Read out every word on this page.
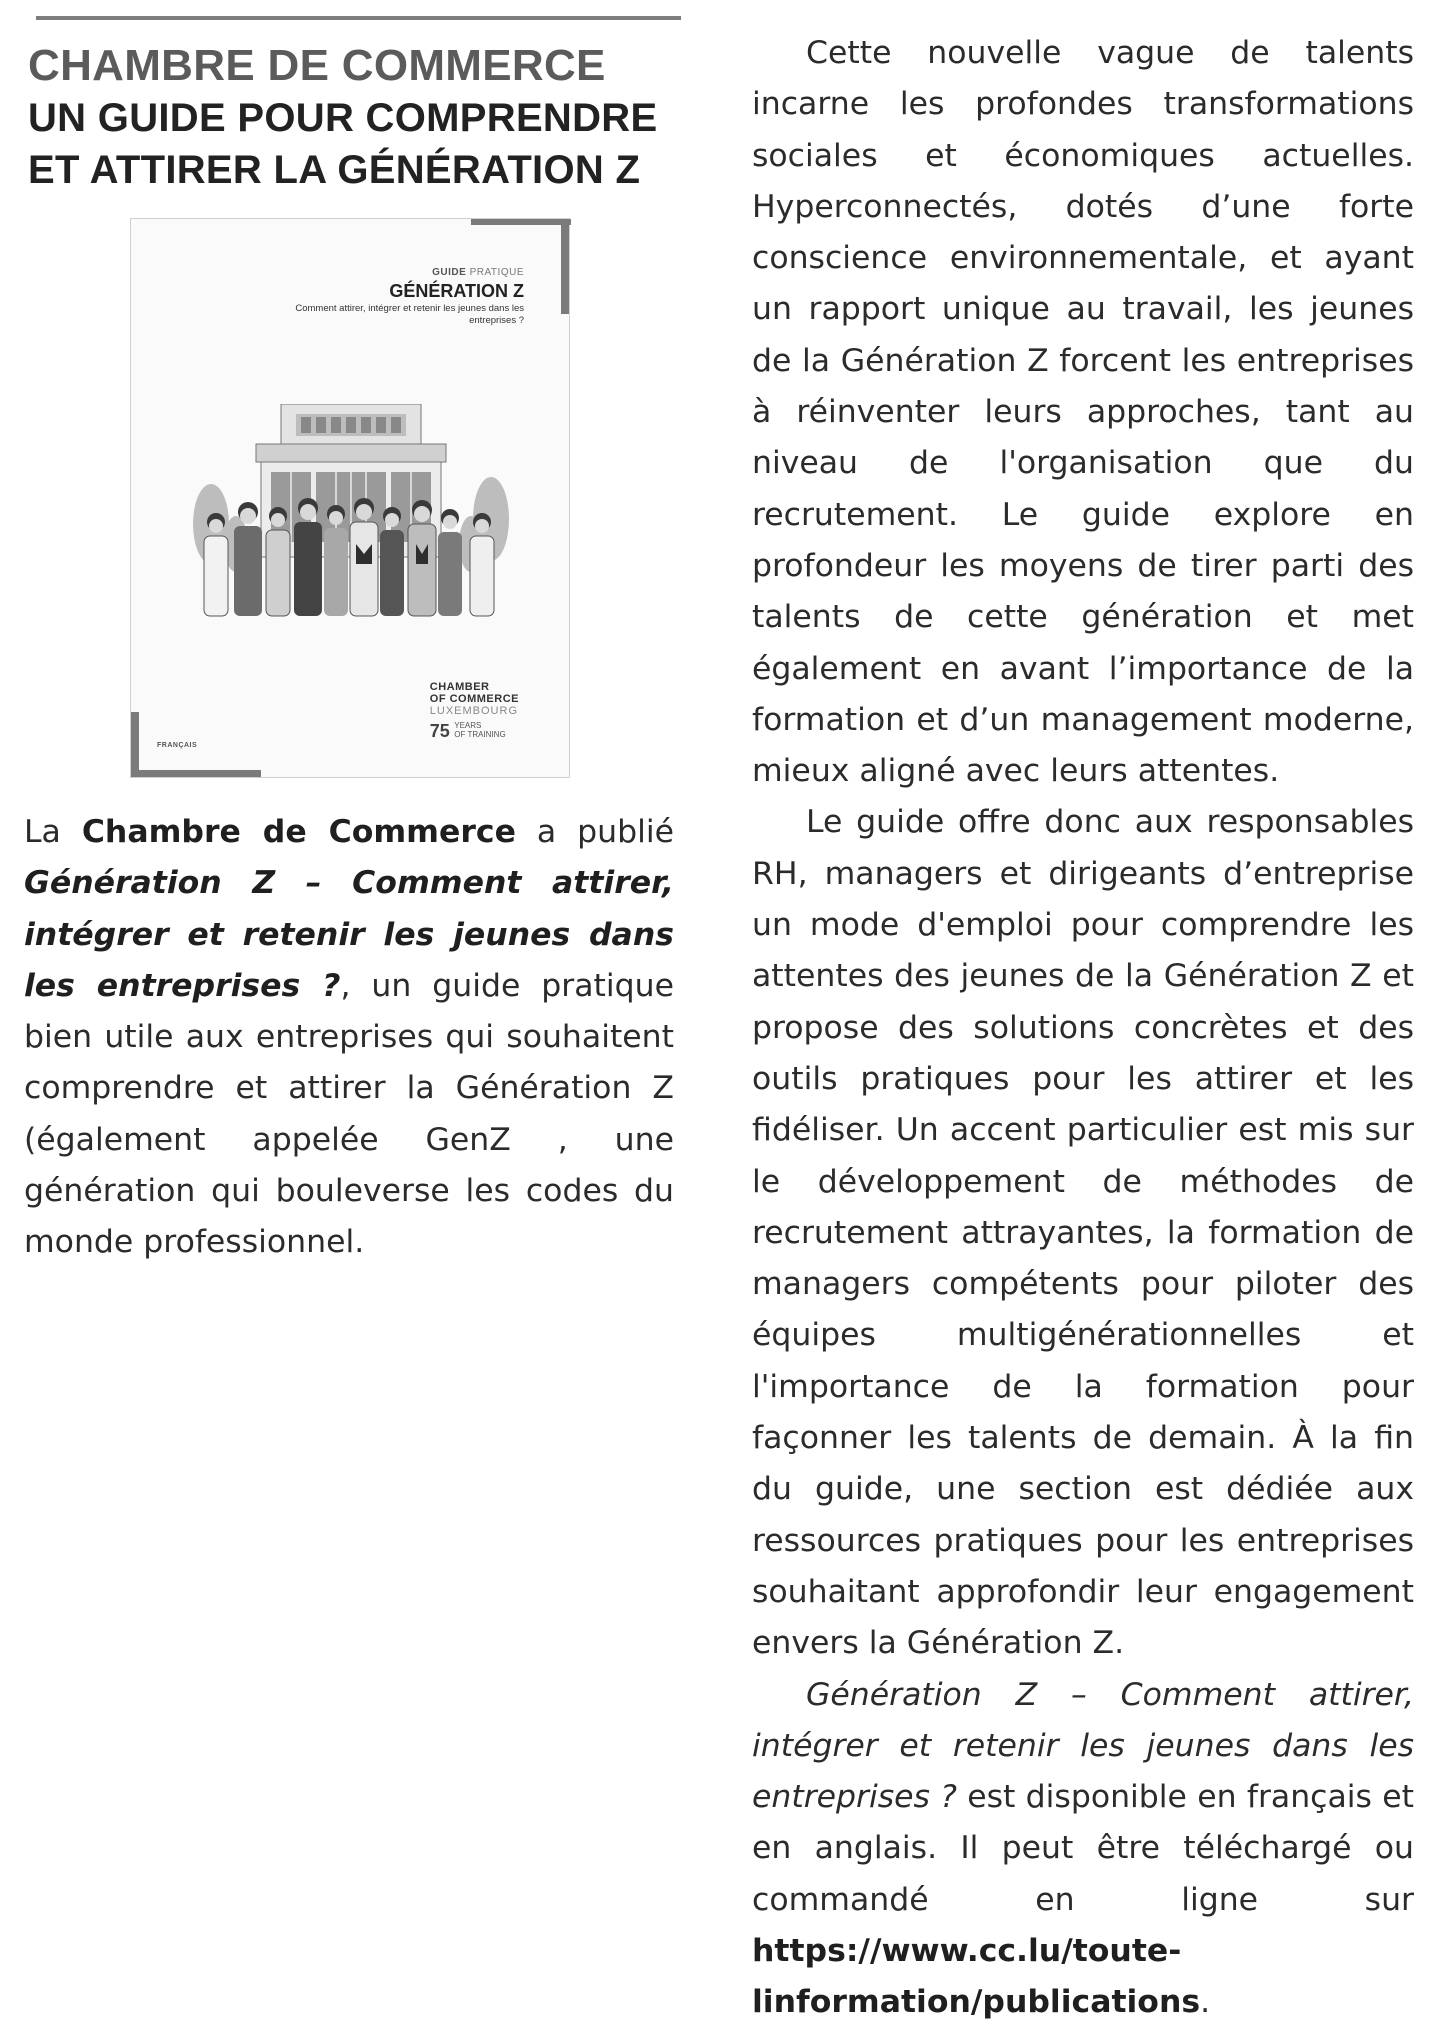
CHAMBRE DE COMMERCE
UN GUIDE POUR COMPRENDRE
ET ATTIRER LA GÉNÉRATION Z
GUIDE PRATIQUE
GÉNÉRATION Z
Comment attirer, intégrer et retenir les jeunes dans les entreprises ?
CHAMBER
OF COMMERCE
LUXEMBOURG
75 YEARS
OF TRAINING
FRANÇAIS

La Chambre de Commerce a publié Génération Z – Comment attirer, intégrer et retenir les jeunes dans les entreprises ?, un guide pratique bien utile aux entreprises qui souhaitent comprendre et attirer la Génération Z (également appelée GenZ , une génération qui bouleverse les codes du monde professionnel.

Cette nouvelle vague de talents incarne les profondes transformations sociales et économiques actuelles. Hyperconnectés, dotés d’une forte conscience environnementale, et ayant un rapport unique au travail, les jeunes de la Génération Z forcent les entreprises à réinventer leurs approches, tant au niveau de l'organisation que du recrutement. Le guide explore en profondeur les moyens de tirer parti des talents de cette génération et met également en avant l’importance de la formation et d’un management moderne, mieux aligné avec leurs attentes.

Le guide offre donc aux responsables RH, managers et dirigeants d’entreprise un mode d'emploi pour comprendre les attentes des jeunes de la Génération Z et propose des solutions concrètes et des outils pratiques pour les attirer et les fidéliser. Un accent particulier est mis sur le développement de méthodes de recrutement attrayantes, la formation de managers compétents pour piloter des équipes multigénérationnelles et l'importance de la formation pour façonner les talents de demain. À la fin du guide, une section est dédiée aux ressources pratiques pour les entreprises souhaitant approfondir leur engagement envers la Génération Z.

Génération Z – Comment attirer, intégrer et retenir les jeunes dans les entreprises ? est disponible en français et en anglais. Il peut être téléchargé ou commandé en ligne sur https://www.cc.lu/toute-linformation/publications.
